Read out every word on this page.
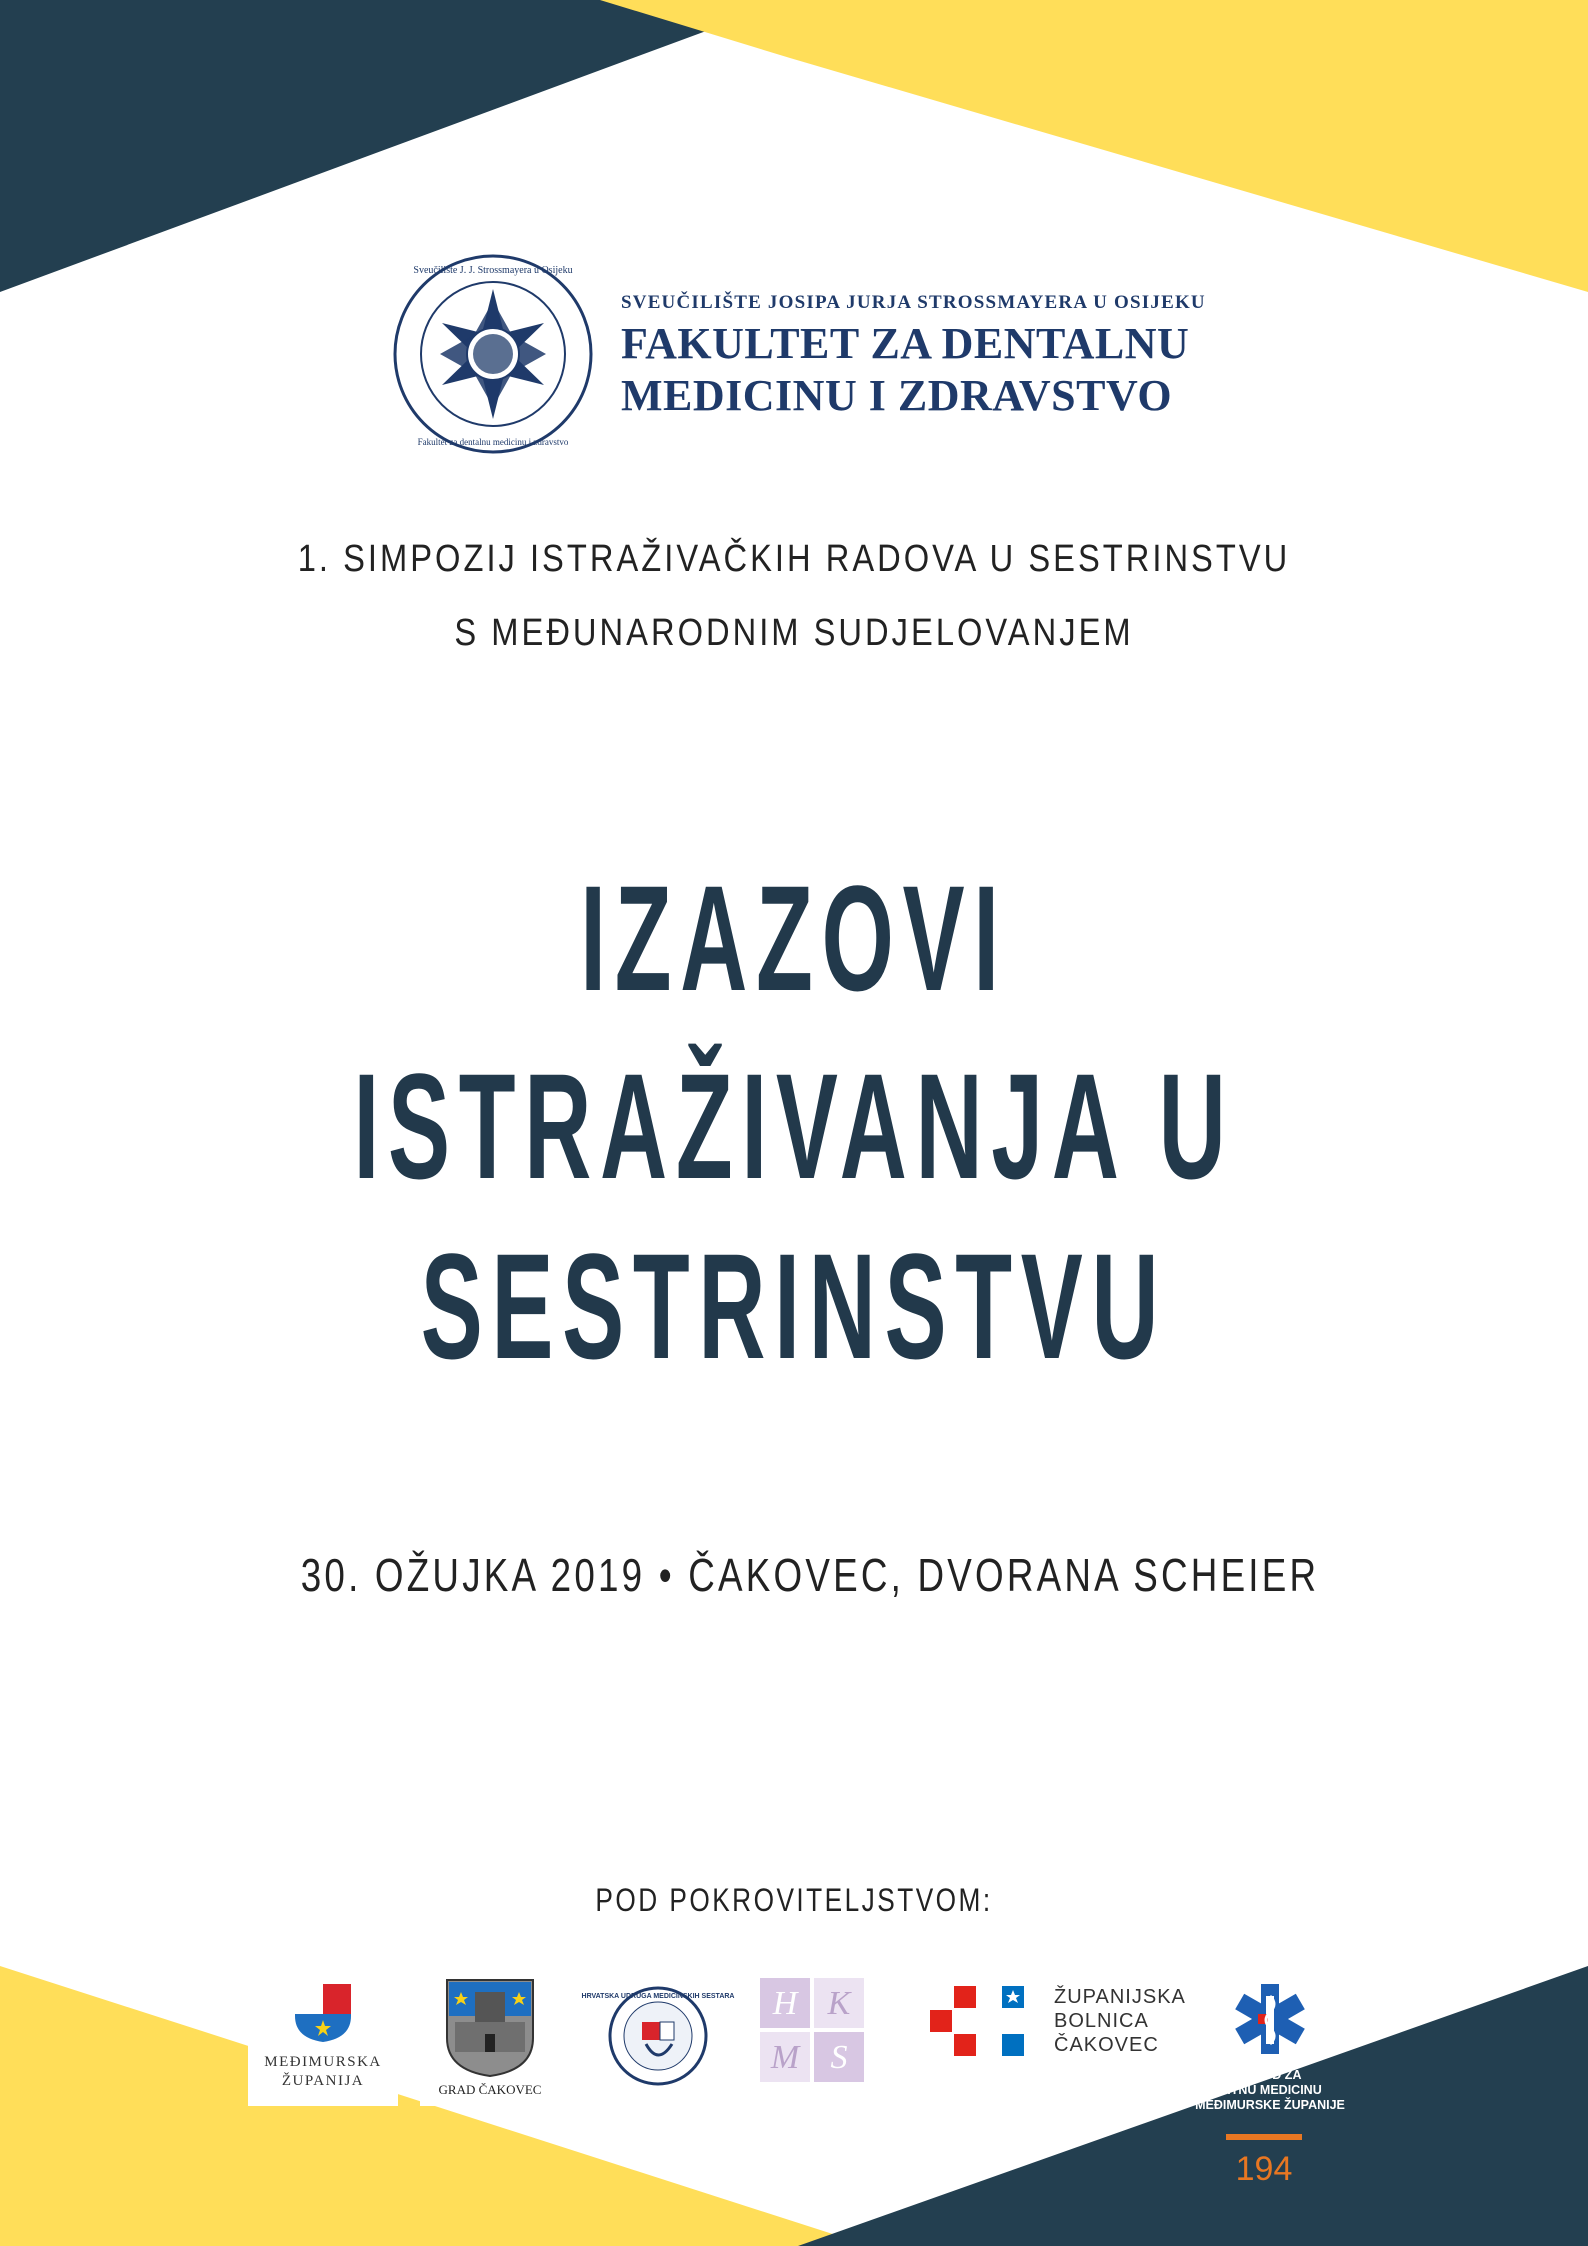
Sveučilište J. J. Strossmayera u Osijeku
Fakultet za dentalnu medicinu i zdravstvo
SVEUČILIŠTE JOSIPA JURJA STROSSMAYERA U OSIJEKU
FAKULTET ZA DENTALNU
MEDICINU I ZDRAVSTVO
1. SIMPOZIJ ISTRAŽIVAČKIH RADOVA U SESTRINSTVU
S MEĐUNARODNIM SUDJELOVANJEM
IZAZOVI
ISTRAŽIVANJA U
SESTRINSTVU
30. OŽUJKA 2019 • ČAKOVEC, DVORANA SCHEIER
POD POKROVITELJSTVOM:
MEĐIMURSKA
ŽUPANIJA
GRAD ČAKOVEC
HRVATSKA UDRUGA MEDICINSKIH SESTARA H K
M S
ŽUPANIJSKA
BOLNICA
ČAKOVEC
ZAVOD ZA
HITNU MEDICINU
MEĐIMURSKE ŽUPANIJE
194
